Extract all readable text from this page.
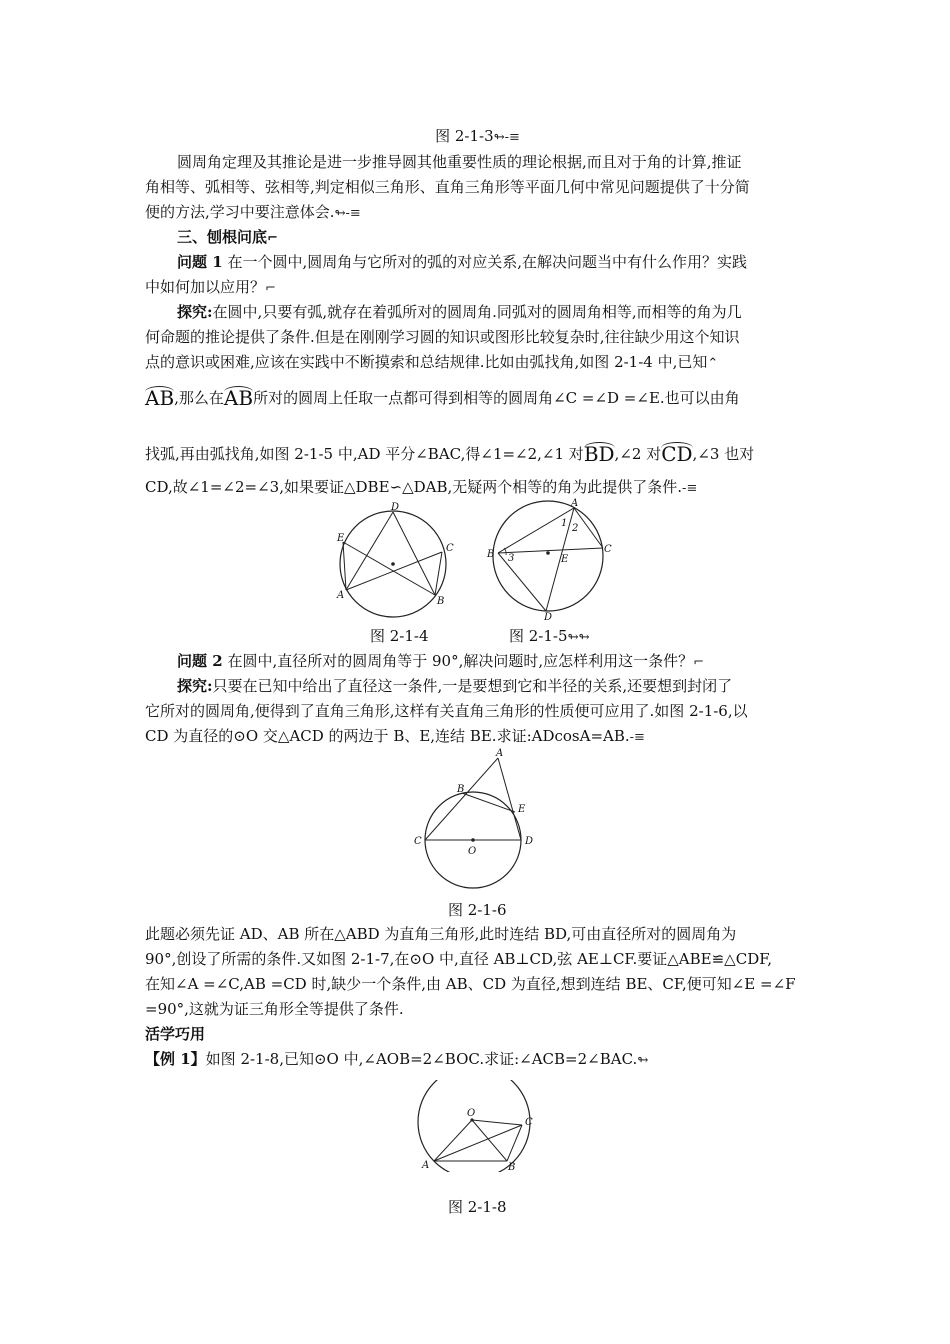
图 2-1-3↬-≡
圆周角定理及其推论是进一步推导圆其他重要性质的理论根据,而且对于角的计算,推证
角相等、弧相等、弦相等,判定相似三角形、直角三角形等平面几何中常见问题提供了十分简
便的方法,学习中要注意体会.↬-≡
三、刨根问底⌐
问题 1 在一个圆中,圆周角与它所对的弧的对应关系,在解决问题当中有什么作用？实践
中如何加以应用？⌐
探究:在圆中,只要有弧,就存在着弧所对的圆周角.同弧对的圆周角相等,而相等的角为几
何命题的推论提供了条件.但是在刚刚学习圆的知识或图形比较复杂时,往往缺少用这个知识
点的意识或困难,应该在实践中不断摸索和总结规律.比如由弧找角,如图 2-1-4 中,已知⌃
AB,那么在AB所对的圆周上任取一点都可得到相等的圆周角∠C =∠D =∠E.也可以由角
找弧,再由弧找角,如图 2-1-5 中,AD 平分∠BAC,得∠1=∠2,∠1 对BD,∠2 对CD,∠3 也对
CD,故∠1=∠2=∠3,如果要证△DBE∽△DAB,无疑两个相等的角为此提供了条件.-≡
D
E
C
A
B
A
B	C
D
E
1 2
3
图 2-1-4	图 2-1-5↬↬
问题 2 在圆中,直径所对的圆周角等于 90°,解决问题时,应怎样利用这一条件？⌐
探究:只要在已知中给出了直径这一条件,一是要想到它和半径的关系,还要想到封闭了
它所对的圆周角,便得到了直角三角形,这样有关直角三角形的性质便可应用了.如图 2-1-6,以
CD 为直径的⊙O 交△ACD 的两边于 B、E,连结 BE.求证:ADcosA=AB.-≡
A
B
E
C
O
D
图 2-1-6
此题必须先证 AD、AB 所在△ABD 为直角三角形,此时连结 BD,可由直径所对的圆周角为
90°,创设了所需的条件.又如图 2-1-7,在⊙O 中,直径 AB⊥CD,弦 AE⊥CF.要证△ABE≌△CDF,
在知∠A =∠C,AB =CD 时,缺少一个条件,由 AB、CD 为直径,想到连结 BE、CF,便可知∠E =∠F
=90°,这就为证三角形全等提供了条件.
活学巧用
【例 1】如图 2-1-8,已知⊙O 中,∠AOB=2∠BOC.求证:∠ACB=2∠BAC.↬
O
C
A	B
图 2-1-8
